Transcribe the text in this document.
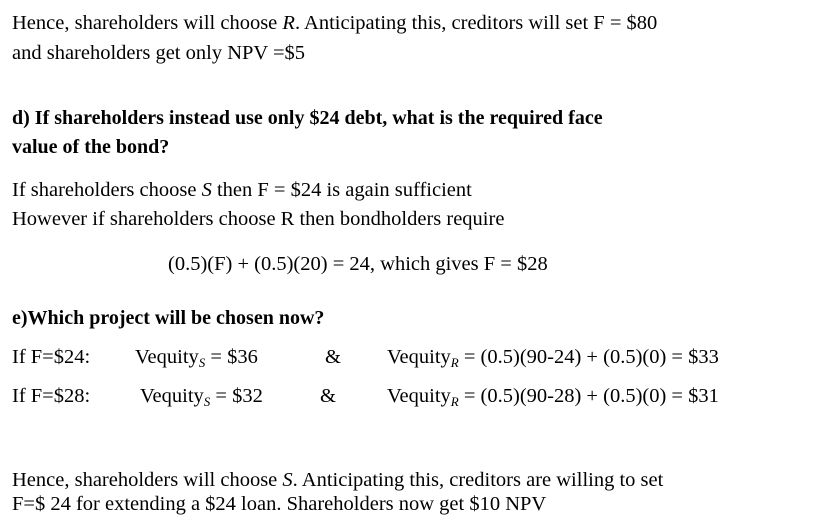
Hence, shareholders will choose R. Anticipating this, creditors will set F = $80
and shareholders get only NPV =$5
d) If shareholders instead use only $24 debt, what is the required face
value of the bond?
If shareholders choose S then F = $24 is again sufficient
However if shareholders choose R then bondholders require
(0.5)(F) + (0.5)(20) = 24, which gives F = $28
e)Which project will be chosen now?
If F=$24: Vequity$_S$ = $36	& Vequity$_R$ = (0.5)(90-24) + (0.5)(0) = $33
If F=$28: Vequity$_S$ = $32	& Vequity$_R$ = (0.5)(90-28) + (0.5)(0) = $31
Hence, shareholders will choose S. Anticipating this, creditors are willing to set
F=$ 24 for extending a $24 loan. Shareholders now get $10 NPV
